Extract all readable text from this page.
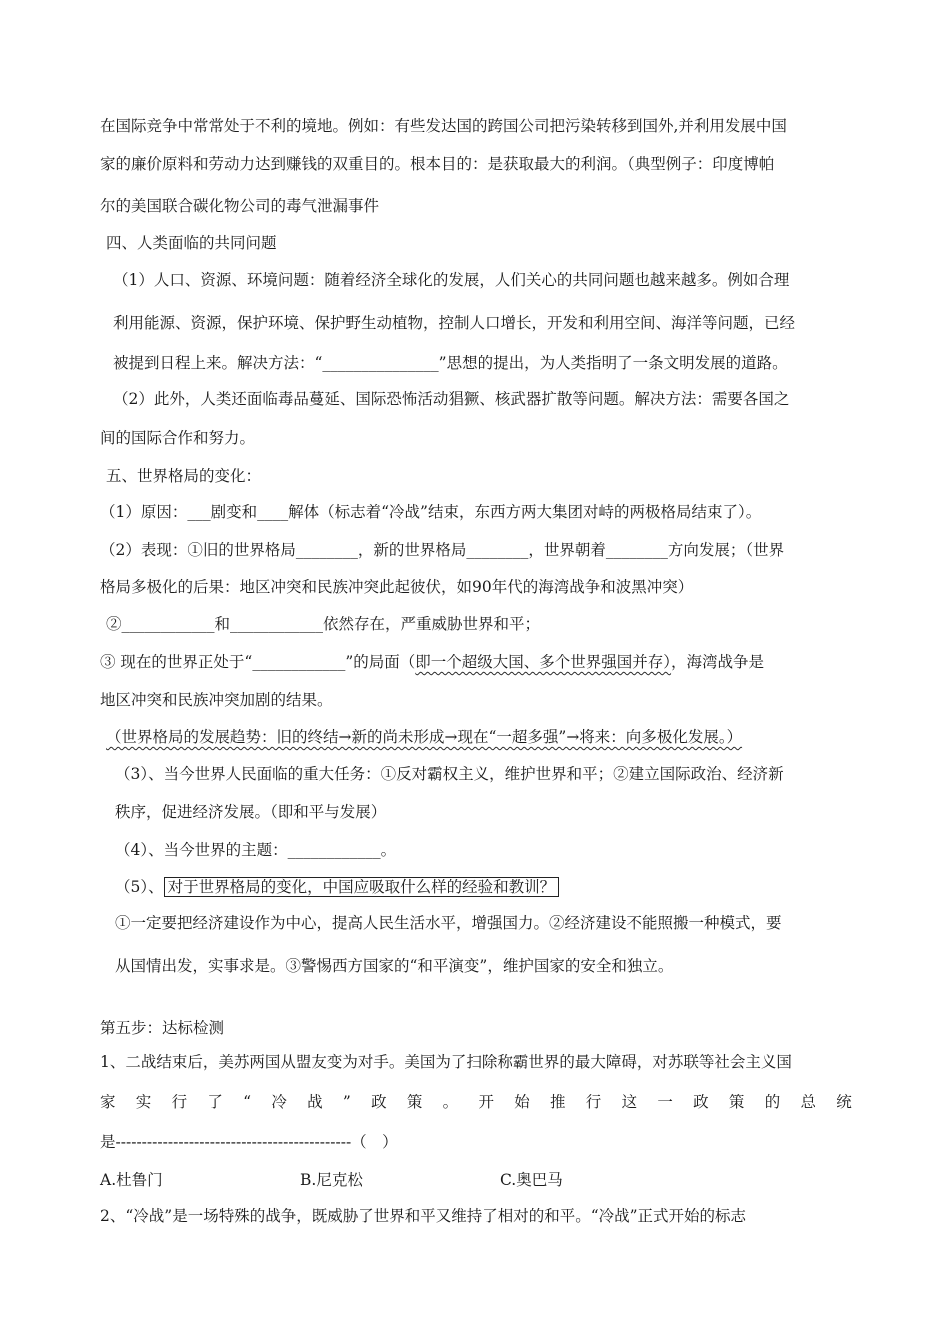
在国际竞争中常常处于不利的境地。例如：有些发达国的跨国公司把污染转移到国外,并利用发展中国
家的廉价原料和劳动力达到赚钱的双重目的。根本目的：是获取最大的利润。（典型例子：印度博帕
尔的美国联合碳化物公司的毒气泄漏事件
四、人类面临的共同问题
（1）人口、资源、环境问题：随着经济全球化的发展，人们关心的共同问题也越来越多。例如合理
利用能源、资源，保护环境、保护野生动植物，控制人口增长，开发和利用空间、海洋等问题，已经
被提到日程上来。解决方法：“_______________”思想的提出，为人类指明了一条文明发展的道路。
（2）此外，人类还面临毒品蔓延、国际恐怖活动猖獗、核武器扩散等问题。解决方法：需要各国之
间的国际合作和努力。
五、世界格局的变化：
（1）原因：___剧变和____解体（标志着“冷战”结束，东西方两大集团对峙的两极格局结束了）。
（2）表现：①旧的世界格局________，新的世界格局________，世界朝着________方向发展；（世界
格局多极化的后果：地区冲突和民族冲突此起彼伏，如90年代的海湾战争和波黑冲突）
②____________和____________依然存在，严重威胁世界和平；
③ 现在的世界正处于“____________”的局面（即一个超级大国、多个世界强国并存），海湾战争是
地区冲突和民族冲突加剧的结果。
（世界格局的发展趋势：旧的终结→新的尚未形成→现在“一超多强”→将来：向多极化发展。）
（3）、当今世界人民面临的重大任务：①反对霸权主义，维护世界和平；②建立国际政治、经济新
秩序，促进经济发展。（即和平与发展）
（4）、当今世界的主题：____________。
（5）、 对于世界格局的变化，中国应吸取什么样的经验和教训？
①一定要把经济建设作为中心，提高人民生活水平，增强国力。②经济建设不能照搬一种模式，要
从国情出发，实事求是。③警惕西方国家的“和平演变”，维护国家的安全和独立。
第五步：达标检测
1、二战结束后，美苏两国从盟友变为对手。美国为了扫除称霸世界的最大障碍，对苏联等社会主义国
家 实 行 了 “ 冷 战 ” 政 策 。 开 始 推 行 这 一 政 策 的 总 统
是---------------------------------------------（　）
A.杜鲁门	B.尼克松	C.奥巴马
2、“冷战”是一场特殊的战争，既威胁了世界和平又维持了相对的和平。“冷战”正式开始的标志
